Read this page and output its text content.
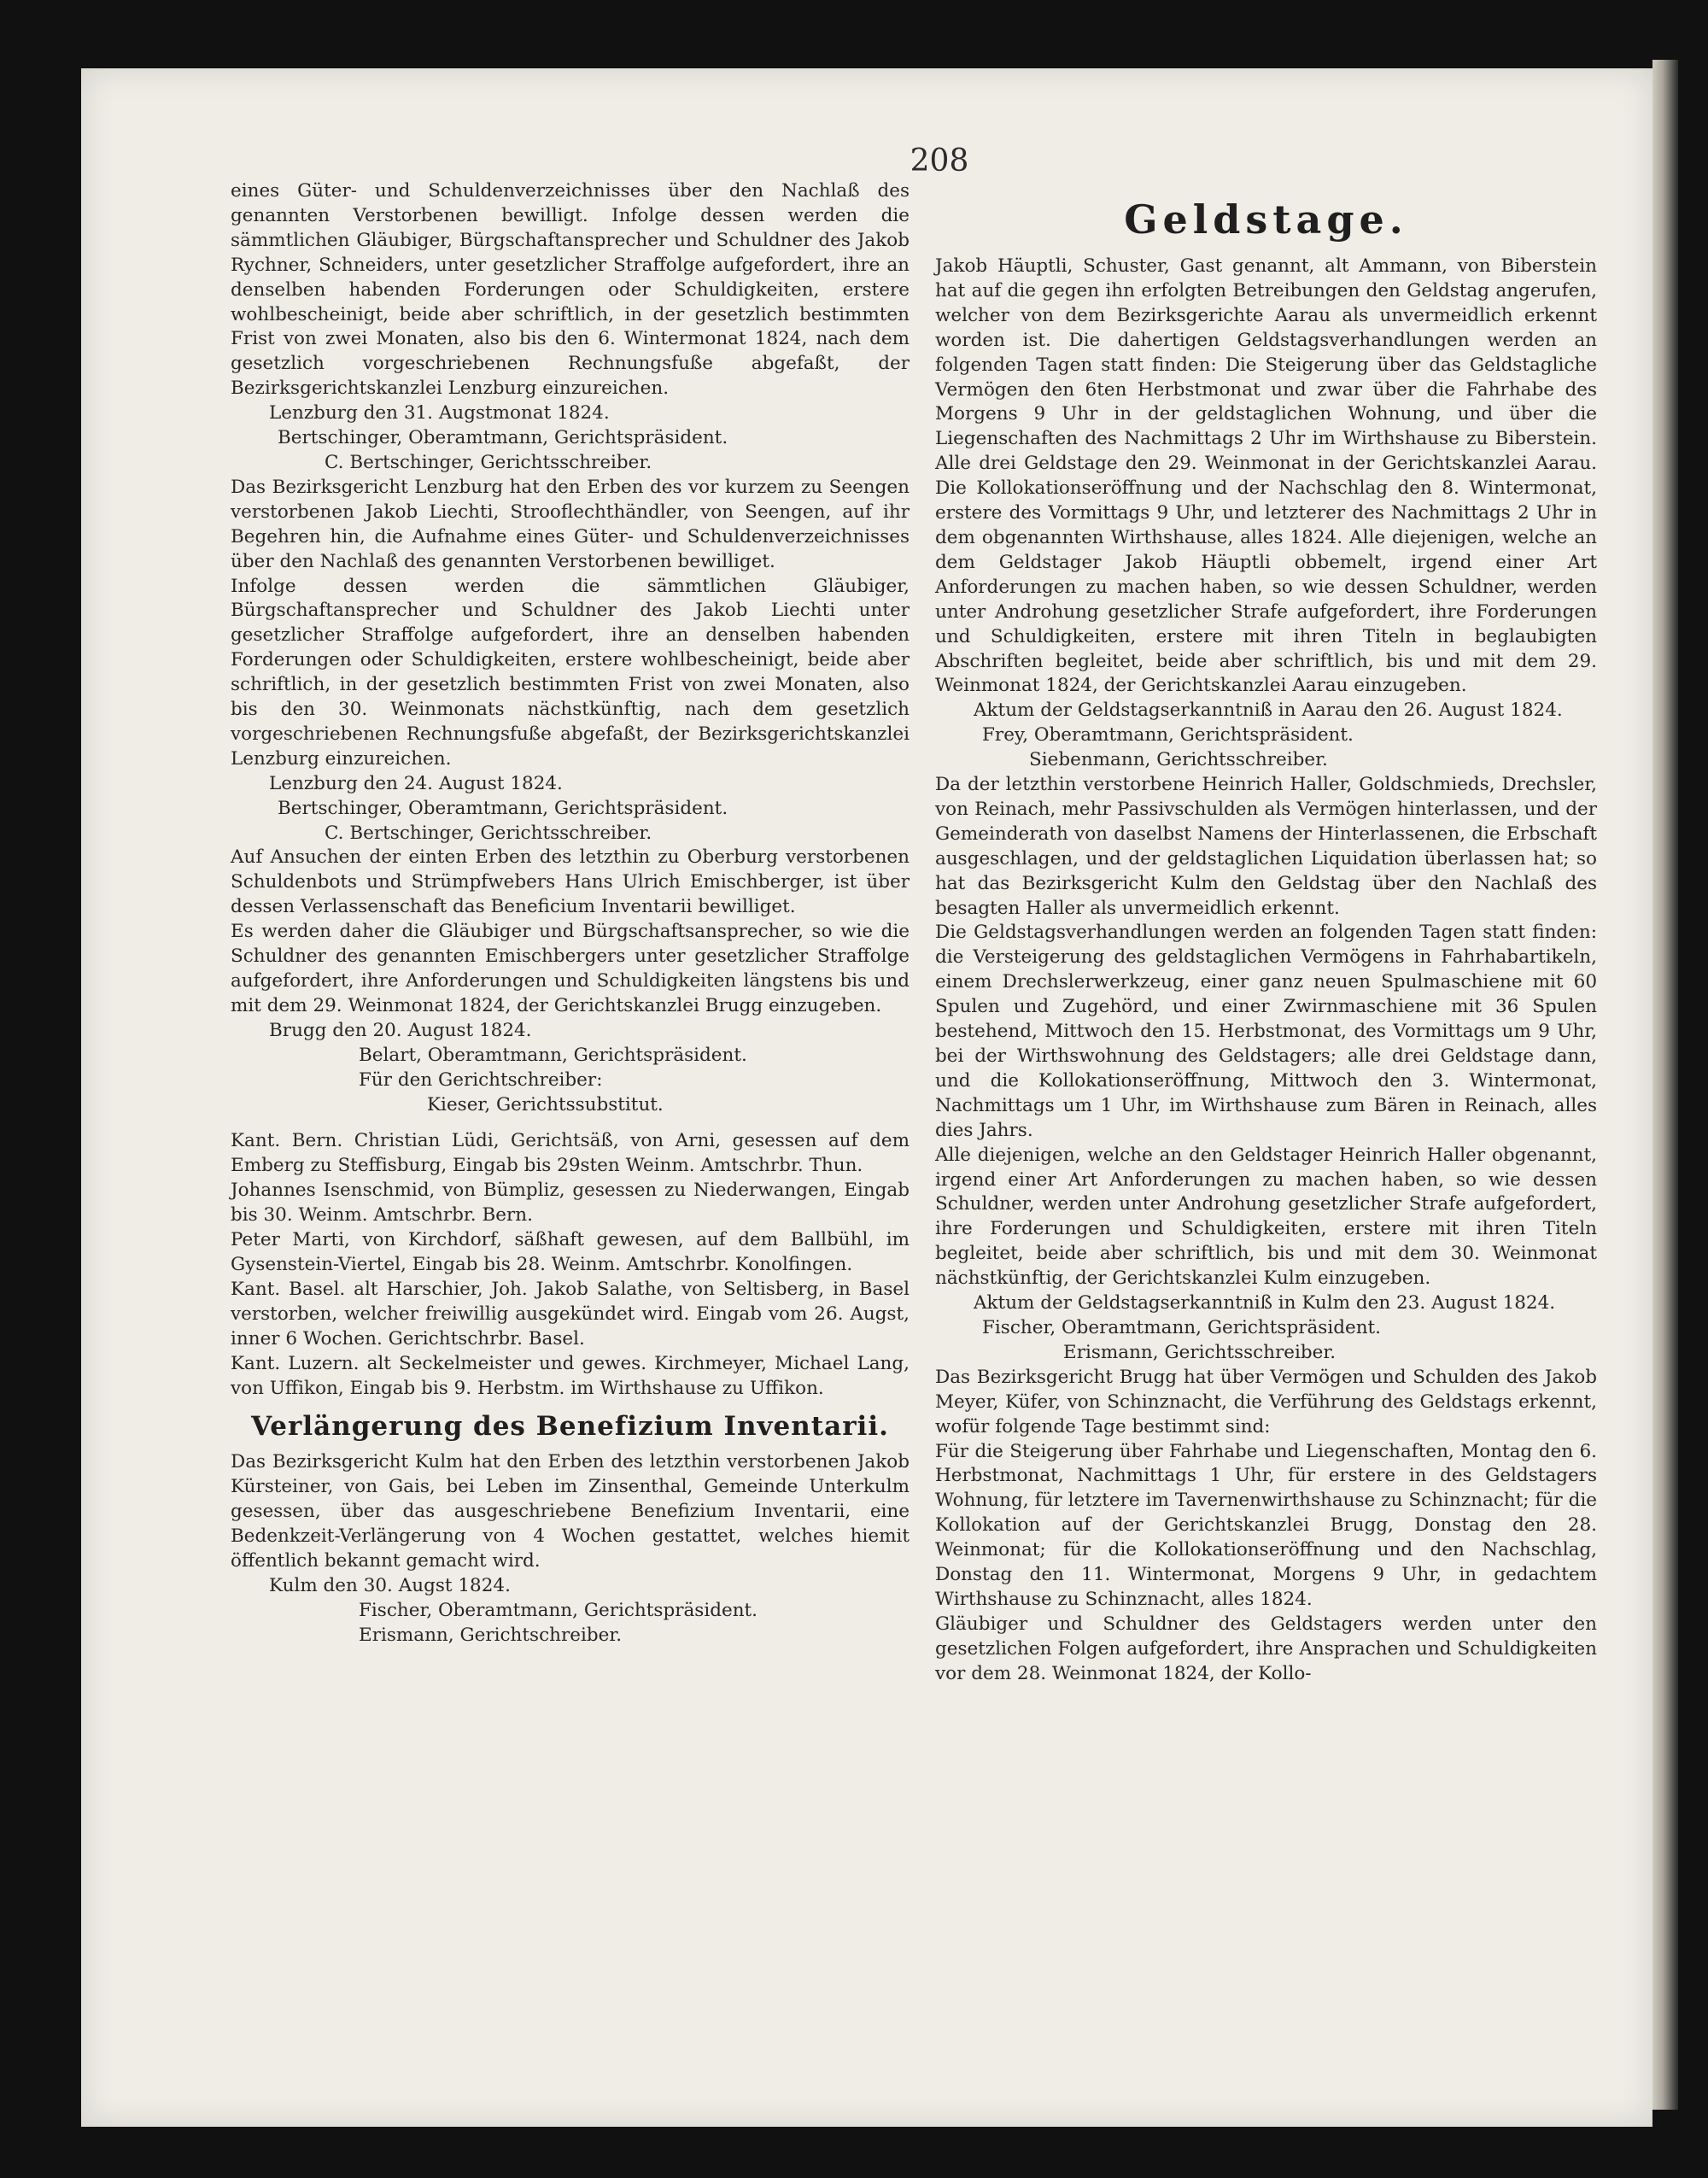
208

eines Güter- und Schuldenverzeichnisses über den Nachlaß des genannten Verstorbenen bewilligt. Infolge dessen werden die sämmtlichen Gläubiger, Bürgschaftansprecher und Schuldner des Jakob Rychner, Schneiders, unter gesetzlicher Straffolge aufgefordert, ihre an denselben habenden Forderungen oder Schuldigkeiten, erstere wohlbescheinigt, beide aber schriftlich, in der gesetzlich bestimmten Frist von zwei Monaten, also bis den 6. Wintermonat 1824, nach dem gesetzlich vorgeschriebenen Rechnungsfuße abgefaßt, der Bezirksgerichtskanzlei Lenzburg einzureichen.

Lenzburg den 31. Augstmonat 1824.

Bertschinger, Oberamtmann, Gerichtspräsident.

C. Bertschinger, Gerichtsschreiber.

Das Bezirksgericht Lenzburg hat den Erben des vor kurzem zu Seengen verstorbenen Jakob Liechti, Strooflechthändler, von Seengen, auf ihr Begehren hin, die Aufnahme eines Güter- und Schuldenverzeichnisses über den Nachlaß des genannten Verstorbenen bewilliget.

Infolge dessen werden die sämmtlichen Gläubiger, Bürgschaftansprecher und Schuldner des Jakob Liechti unter gesetzlicher Straffolge aufgefordert, ihre an denselben habenden Forderungen oder Schuldigkeiten, erstere wohlbescheinigt, beide aber schriftlich, in der gesetzlich bestimmten Frist von zwei Monaten, also bis den 30. Weinmonats nächstkünftig, nach dem gesetzlich vorgeschriebenen Rechnungsfuße abgefaßt, der Bezirksgerichtskanzlei Lenzburg einzureichen.

Lenzburg den 24. August 1824.

Bertschinger, Oberamtmann, Gerichtspräsident.

C. Bertschinger, Gerichtsschreiber.

Auf Ansuchen der einten Erben des letzthin zu Oberburg verstorbenen Schuldenbots und Strümpfwebers Hans Ulrich Emischberger, ist über dessen Verlassenschaft das Beneficium Inventarii bewilliget.

Es werden daher die Gläubiger und Bürgschaftsansprecher, so wie die Schuldner des genannten Emischbergers unter gesetzlicher Straffolge aufgefordert, ihre Anforderungen und Schuldigkeiten längstens bis und mit dem 29. Weinmonat 1824, der Gerichtskanzlei Brugg einzugeben.

Brugg den 20. August 1824.

Belart, Oberamtmann, Gerichtspräsident.

Für den Gerichtschreiber:

Kieser, Gerichtssubstitut.

Kant. Bern. Christian Lüdi, Gerichtsäß, von Arni, gesessen auf dem Emberg zu Steffisburg, Eingab bis 29sten Weinm. Amtschrbr. Thun.

Johannes Isenschmid, von Bümpliz, gesessen zu Niederwangen, Eingab bis 30. Weinm. Amtschrbr. Bern.

Peter Marti, von Kirchdorf, säßhaft gewesen, auf dem Ballbühl, im Gysenstein-Viertel, Eingab bis 28. Weinm. Amtschrbr. Konolfingen.

Kant. Basel. alt Harschier, Joh. Jakob Salathe, von Seltisberg, in Basel verstorben, welcher freiwillig ausgekündet wird. Eingab vom 26. Augst, inner 6 Wochen. Gerichtschrbr. Basel.

Kant. Luzern. alt Seckelmeister und gewes. Kirchmeyer, Michael Lang, von Uffikon, Eingab bis 9. Herbstm. im Wirthshause zu Uffikon.

Verlängerung des Benefizium Inventarii.

Das Bezirksgericht Kulm hat den Erben des letzthin verstorbenen Jakob Kürsteiner, von Gais, bei Leben im Zinsenthal, Gemeinde Unterkulm gesessen, über das ausgeschriebene Benefizium Inventarii, eine Bedenkzeit-Verlängerung von 4 Wochen gestattet, welches hiemit öffentlich bekannt gemacht wird.

Kulm den 30. Augst 1824.

Fischer, Oberamtmann, Gerichtspräsident.

Erismann, Gerichtschreiber.

Geldstage.

Jakob Häuptli, Schuster, Gast genannt, alt Ammann, von Biberstein hat auf die gegen ihn erfolgten Betreibungen den Geldstag angerufen, welcher von dem Bezirksgerichte Aarau als unvermeidlich erkennt worden ist. Die dahertigen Geldstagsverhandlungen werden an folgenden Tagen statt finden: Die Steigerung über das Geldstagliche Vermögen den 6ten Herbstmonat und zwar über die Fahrhabe des Morgens 9 Uhr in der geldstaglichen Wohnung, und über die Liegenschaften des Nachmittags 2 Uhr im Wirthshause zu Biberstein. Alle drei Geldstage den 29. Weinmonat in der Gerichtskanzlei Aarau. Die Kollokationseröffnung und der Nachschlag den 8. Wintermonat, erstere des Vormittags 9 Uhr, und letzterer des Nachmittags 2 Uhr in dem obgenannten Wirthshause, alles 1824. Alle diejenigen, welche an dem Geldstager Jakob Häuptli obbemelt, irgend einer Art Anforderungen zu machen haben, so wie dessen Schuldner, werden unter Androhung gesetzlicher Strafe aufgefordert, ihre Forderungen und Schuldigkeiten, erstere mit ihren Titeln in beglaubigten Abschriften begleitet, beide aber schriftlich, bis und mit dem 29. Weinmonat 1824, der Gerichtskanzlei Aarau einzugeben.

Aktum der Geldstagserkanntniß in Aarau den 26. August 1824.

Frey, Oberamtmann, Gerichtspräsident.

Siebenmann, Gerichtsschreiber.

Da der letzthin verstorbene Heinrich Haller, Goldschmieds, Drechsler, von Reinach, mehr Passivschulden als Vermögen hinterlassen, und der Gemeinderath von daselbst Namens der Hinterlassenen, die Erbschaft ausgeschlagen, und der geldstaglichen Liquidation überlassen hat; so hat das Bezirksgericht Kulm den Geldstag über den Nachlaß des besagten Haller als unvermeidlich erkennt.

Die Geldstagsverhandlungen werden an folgenden Tagen statt finden: die Versteigerung des geldstaglichen Vermögens in Fahrhabartikeln, einem Drechslerwerkzeug, einer ganz neuen Spulmaschiene mit 60 Spulen und Zugehörd, und einer Zwirnmaschiene mit 36 Spulen bestehend, Mittwoch den 15. Herbstmonat, des Vormittags um 9 Uhr, bei der Wirthswohnung des Geldstagers; alle drei Geldstage dann, und die Kollokationseröffnung, Mittwoch den 3. Wintermonat, Nachmittags um 1 Uhr, im Wirthshause zum Bären in Reinach, alles dies Jahrs.

Alle diejenigen, welche an den Geldstager Heinrich Haller obgenannt, irgend einer Art Anforderungen zu machen haben, so wie dessen Schuldner, werden unter Androhung gesetzlicher Strafe aufgefordert, ihre Forderungen und Schuldigkeiten, erstere mit ihren Titeln begleitet, beide aber schriftlich, bis und mit dem 30. Weinmonat nächstkünftig, der Gerichtskanzlei Kulm einzugeben.

Aktum der Geldstagserkanntniß in Kulm den 23. August 1824.

Fischer, Oberamtmann, Gerichtspräsident.

Erismann, Gerichtsschreiber.

Das Bezirksgericht Brugg hat über Vermögen und Schulden des Jakob Meyer, Küfer, von Schinznacht, die Verführung des Geldstags erkennt, wofür folgende Tage bestimmt sind:

Für die Steigerung über Fahrhabe und Liegenschaften, Montag den 6. Herbstmonat, Nachmittags 1 Uhr, für erstere in des Geldstagers Wohnung, für letztere im Tavernenwirthshause zu Schinznacht; für die Kollokation auf der Gerichtskanzlei Brugg, Donstag den 28. Weinmonat; für die Kollokationseröffnung und den Nachschlag, Donstag den 11. Wintermonat, Morgens 9 Uhr, in gedachtem Wirthshause zu Schinznacht, alles 1824.

Gläubiger und Schuldner des Geldstagers werden unter den gesetzlichen Folgen aufgefordert, ihre Ansprachen und Schuldigkeiten vor dem 28. Weinmonat 1824, der Kollo-
